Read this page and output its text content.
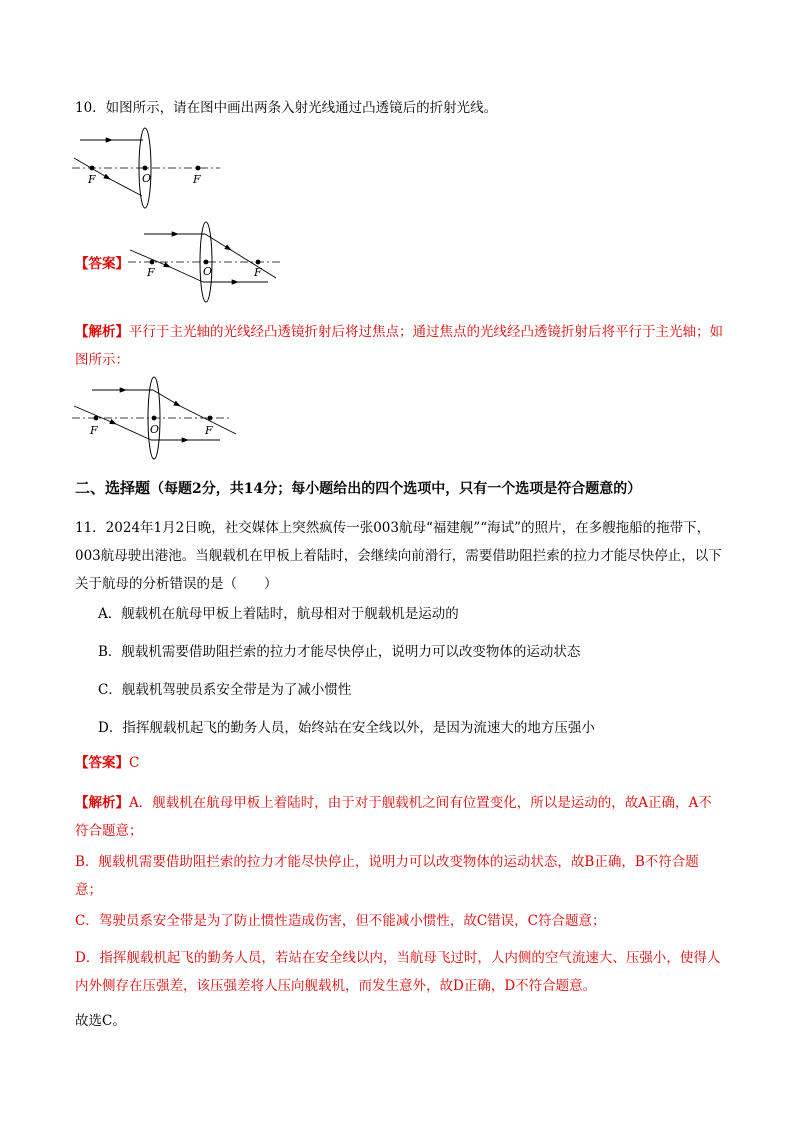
10．如图所示，请在图中画出两条入射光线通过凸透镜后的折射光线。

F	O	F
【答案】
F	O	F

【解析】平行于主光轴的光线经凸透镜折射后将过焦点；通过焦点的光线经凸透镜折射后将平行于主光轴；如图所示：

F	O	F
二、选择题（每题2分，共14分；每小题给出的四个选项中，只有一个选项是符合题意的）

11．2024年1月2日晚，社交媒体上突然疯传一张003航母“福建舰”“海试”的照片，在多艘拖船的拖带下，003航母驶出港池。当舰载机在甲板上着陆时，会继续向前滑行，需要借助阻拦索的拉力才能尽快停止，以下关于航母的分析错误的是（　　）

A．舰载机在航母甲板上着陆时，航母相对于舰载机是运动的

B．舰载机需要借助阻拦索的拉力才能尽快停止，说明力可以改变物体的运动状态

C．舰载机驾驶员系安全带是为了减小惯性

D．指挥舰载机起飞的勤务人员，始终站在安全线以外，是因为流速大的地方压强小

【答案】C

【解析】A．舰载机在航母甲板上着陆时，由于对于舰载机之间有位置变化，所以是运动的，故A正确，A不符合题意；

B．舰载机需要借助阻拦索的拉力才能尽快停止，说明力可以改变物体的运动状态，故B正确，B不符合题意；

C．驾驶员系安全带是为了防止惯性造成伤害，但不能减小惯性，故C错误，C符合题意；

D．指挥舰载机起飞的勤务人员，若站在安全线以内，当航母飞过时，人内侧的空气流速大、压强小，使得人内外侧存在压强差，该压强差将人压向舰载机，而发生意外，故D正确，D不符合题意。

故选C。
